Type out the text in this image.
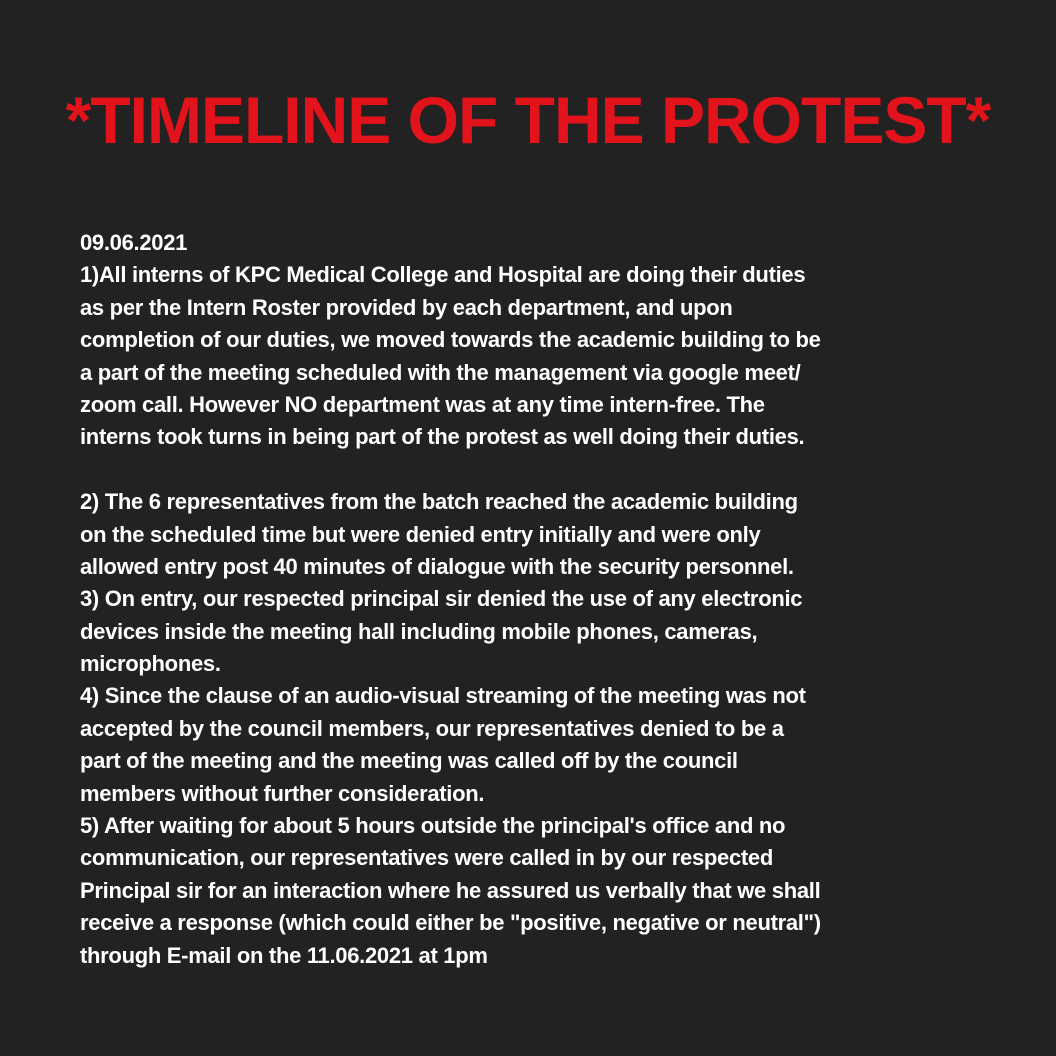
*TIMELINE OF THE PROTEST*
09.06.2021
1)All interns of KPC Medical College and Hospital are doing their duties
as per the Intern Roster provided by each department, and upon
completion of our duties, we moved towards the academic building to be
a part of the meeting scheduled with the management via google meet/
zoom call. However NO department was at any time intern-free. The
interns took turns in being part of the protest as well doing their duties.
2) The 6 representatives from the batch reached the academic building
on the scheduled time but were denied entry initially and were only
allowed entry post 40 minutes of dialogue with the security personnel.
3) On entry, our respected principal sir denied the use of any electronic
devices inside the meeting hall including mobile phones, cameras,
microphones.
4) Since the clause of an audio-visual streaming of the meeting was not
accepted by the council members, our representatives denied to be a
part of the meeting and the meeting was called off by the council
members without further consideration.
5) After waiting for about 5 hours outside the principal's office and no
communication, our representatives were called in by our respected
Principal sir for an interaction where he assured us verbally that we shall
receive a response (which could either be "positive, negative or neutral")
through E-mail on the 11.06.2021 at 1pm
